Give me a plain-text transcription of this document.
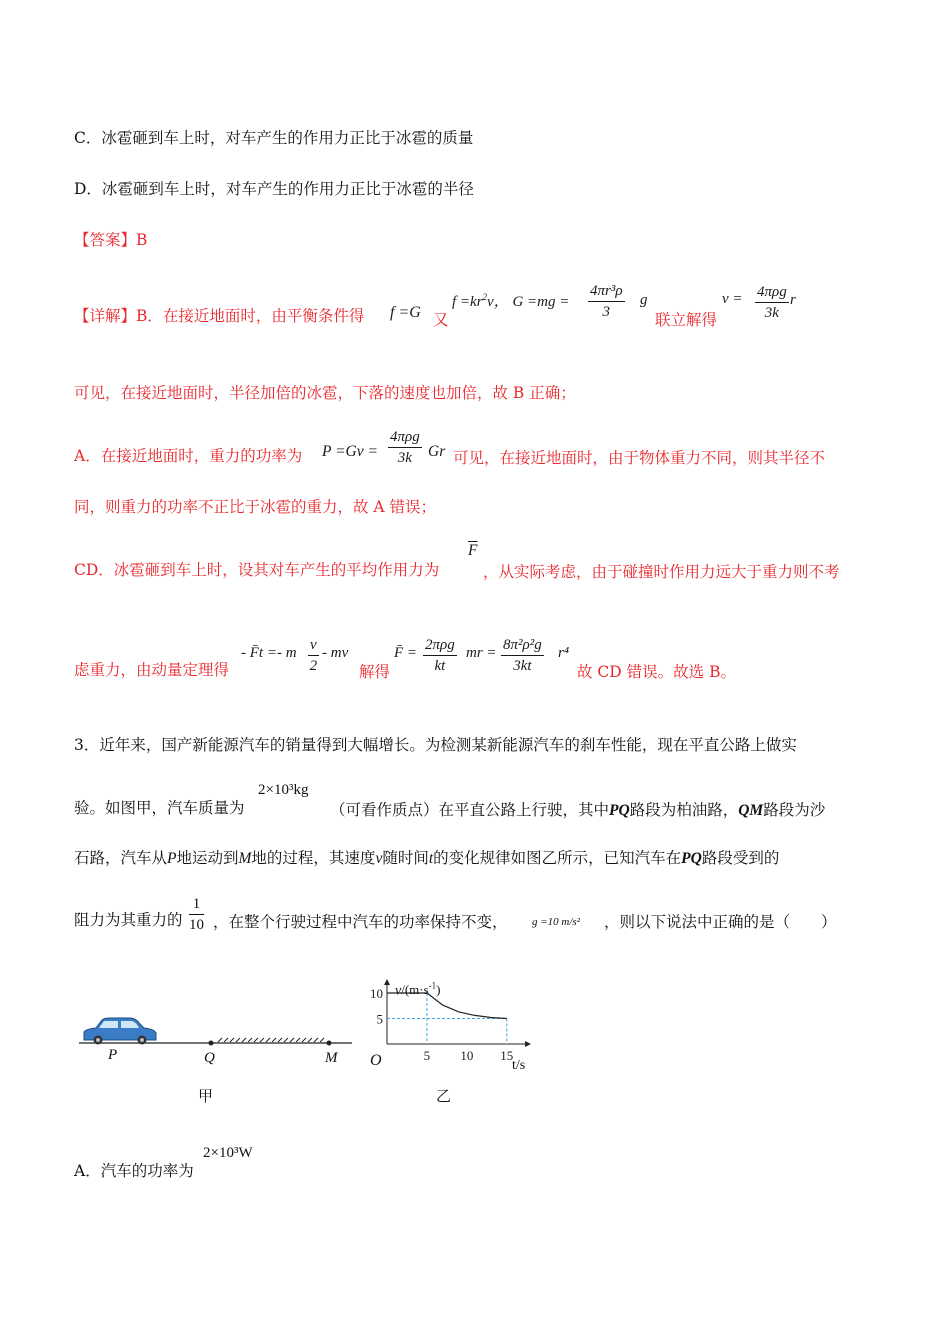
C．冰雹砸到车上时，对车产生的作用力正比于冰雹的质量
D．冰雹砸到车上时，对车产生的作用力正比于冰雹的半径
【答案】B
【详解】B．在接近地面时，由平衡条件得 f =G 又
$f =kr^2v$， $G =mg = \frac{\text{4πr³ρ}}{3}$ g
联立解得
v = 4πρg
3k
r
可见，在接近地面时，半径加倍的冰雹，下落的速度也加倍，故 B 正确；
A．在接近地面时，重力的功率为 P =Gv =
4πρg
3k	Gr 可见，在接近地面时，由于物体重力不同，则其半径不
同，则重力的功率不正比于冰雹的重力，故 A 错误；
CD．冰雹砸到车上时，设其对车产生的平均作用力为
$\overline{F}$
，从实际考虑，由于碰撞时作用力远大于重力则不考
虑重力，由动量定理得
- F̄t =- m $\frac{v}{2}$ - mv
解得
F̄ = 2πρg
kt
mr = $\frac{\text{8π²ρ²g}}{3kt} r^4$
故 CD 错误。故选 B。
3．近年来，国产新能源汽车的销量得到大幅增长。为检测某新能源汽车的刹车性能，现在平直公路上做实
验。如图甲，汽车质量为
2×10³kg
（可看作质点）在平直公路上行驶，其中PQ路段为柏油路，QM路段为沙
石路，汽车从P地运动到M地的过程，其速度v随时间t的变化规律如图乙所示，已知汽车在PQ路段受到的
阻力为其重力的 $\frac{1}{10}$ ，在整个行驶过程中汽车的功率保持不变， g =10 m/s² ，则以下说法中正确的是（　　）
P	Q	M
甲
5 10 15
10
5
$v/(m\cdot s^{-1})$
O	t/s
乙
A．汽车的功率为
2×10³W
